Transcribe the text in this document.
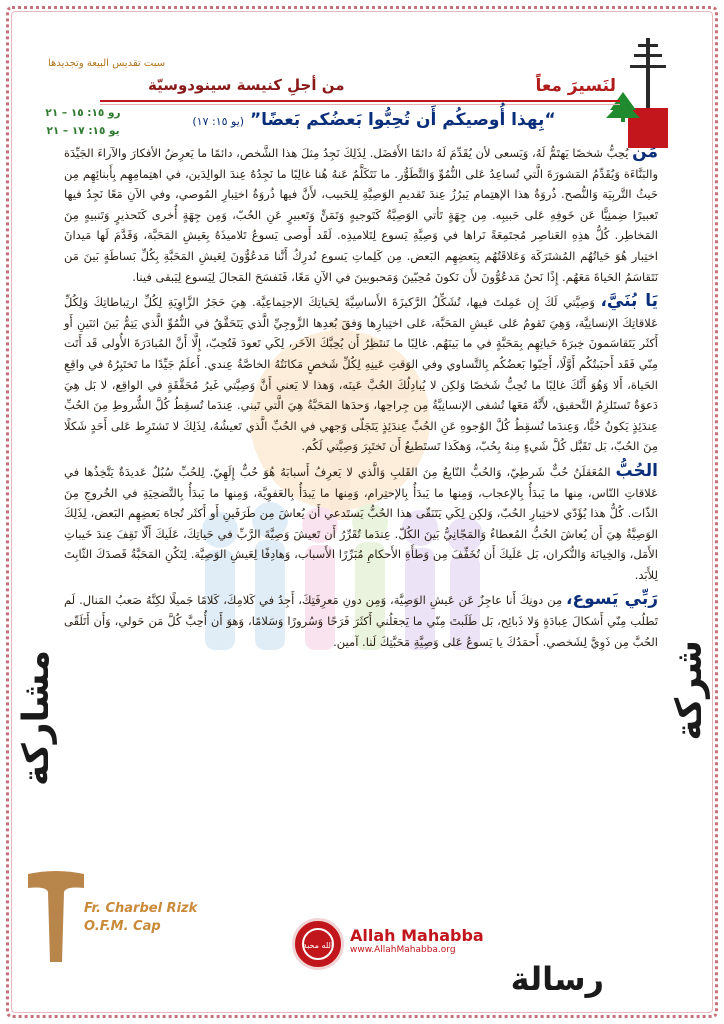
لنَسيرَ معاً
من أجلِ كنيسة سينودوسيّة
سبت تقديس البيعة وتجديدها
رو ١٥: ١٥ – ٢١
يو ١٥: ١٧ – ٢١
“بِهذا أُوصيكُم أَن تُحِبُّوا بَعضُكم بَعضًا” (يو ١٥: ١٧)

مَن يُحِبُّ شخصًا يَهتَمُّ لَهُ، وَيَسعى لأن يُقَدِّمَ لَهُ دائمًا الأَفضَل. لِذَلِكَ نَجِدُ مِثلَ هذا الشَّخص، دائمًا ما يَعرِضُ الأفكارَ والآراءَ الجَيِّدَة والبَنَّاءَة وَيُقَدِّمُ المَشورَةَ الَّتي تُساعِدُ عَلى النُّمُوِّ وَالتَّطَوُّر. ما نَتَكَلَّمُ عَنهُ هُنا غالِبًا ما نَجِدُهُ عِندَ الوالِدَين، في اهتِمامِهِم بِأَبنائِهِم مِن حَيثُ التَّربِيَة وَالنُّصح. ذُروَةُ هذا الإهتِمام يَبرُزُ عِندَ تَقديمِ الوَصِيَّةِ لِلحَبيب، لأَنَّ فيها ذُروَةُ اختِبارِ المُوصي، وفي الآنِ مَعًا نَجِدُ فيها تَعبيرًا ضِمنِيًّا عَن خَوفِهِ عَلى حَبيبِه. مِن جِهَةٍ تَأتي الوَصِيَّةُ كَتَوجيهٍ وَتَمَنٍّ وَتَعبيرٍ عَنِ الحُبّ، وَمِن جِهَةٍ أُخرى كَتَحذيرٍ وَتَنبيهٍ مِنَ المَخاطِر. كُلُّ هذِهِ العَناصِر مُجتَمِعَةً نَراها في وَصِيَّةِ يَسوع لِتَلاميذِه. لَقَد أَوصى يَسوعُ تَلاميذَهُ بِعَيشِ المَحَبَّة، وَقَدَّمَ لَها مَيدانَ اختِبار هُوَ حَياتُهُم المُشتَرَكَة وَعَلاقَتُهُم بِبَعضِهِم البَعض. مِن كَلِماتِ يَسوع نُدرِكُ أَنَّنا مَدعُوُّونَ لِعَيشِ المَحَبَّةِ بِكُلِّ بَساطَةٍ بَينَ مَن نَتَقاسَمُ الحَياةَ مَعَهُم. إِذًا نَحنُ مَدعُوُّونَ لأَن نَكونَ مُحِبّينَ وَمَحبوبينَ في الآنِ مَعًا، فَنَفسَحَ المَجالَ لِيَسوع لِيَبقى فينا.

يَا بُنَيَّ، وَصِيَّتي لَكَ إِن عَمِلتَ فيها، تُشَكِّلُ الرَّكيزَةَ الأَساسِيَّةَ لِحَياتِكَ الإجتِماعِيَّة. هِيَ حَجَرُ الزَّاوِيَةِ لِكُلِّ ارتِباطاتِكَ وَلِكُلِّ عَلاقاتِكَ الإنسانِيَّة، وَهِيَ تَقومُ عَلى عَيشِ المَحَبَّة، عَلى اختِبارِها وَفقَ بُعدِها الزَّوجِيِّ الَّذي يَتَحَقَّقُ في النُّمُوِّ الَّذي يَتِمُّ بَينَ اثنَينِ أَو أَكثَر يَتَقاسَمونَ خِبرَةَ حَياتِهِم بِمَحَبَّةٍ في ما بَينَهُم. غالِبًا ما تَنتَظِرُ أَن يُحِبَّكَ الآخَر، لِكَي تَعودَ فَتُحِبّ، إِلَّا أَنَّ المُبادَرَةَ الأُولى قَد أَتَت مِنّي فَقَد أَحبَبتُكُم أَوَّلًا، أَحِبّوا بَعضُكُم بِالتَّساوي وفي الوَقتِ عَينِهِ لِكُلِّ شَخصٍ مَكانَتُهُ الخاصَّةُ عِندي. أَعلَمُ جَيِّدًا ما تَختَبِرُهُ في واقِعِ الحَياة، أَلا وَهُوَ أَنَّكَ غالِبًا ما تُحِبُّ شَخصًا وَلكِن لا يُبادِلُكَ الحُبَّ عَينَه، وَهذا لا يَعني أَنَّ وَصِيَّتي غَيرُ مُحَقَّقَةٍ في الواقِع، لا بَل هِيَ دَعوَةٌ تَستَلزِمُ التَّحقيق، لأَنَّهُ مَعَها تُشفى الإنسانِيَّةُ مِن جِراحِها، وَحدَها المَحَبَّةُ هِيَ الَّتي تَبني. عِندَما تُسقِطُ كُلَّ الشُّروطِ مِنَ الحُبِّ عِندَئِذٍ يَكونُ حُبًّا، وَعِندَما تُسقِطُ كُلَّ الوُجوهِ عَنِ الحُبِّ عِندَئِذٍ يَتَجَلّى وَجهي في الحُبِّ الَّذي تَعيشُهُ، لِذَلِكَ لا تَشتَرِط عَلى أَحَدٍ شَكلًا مِنَ الحُبّ، بَل تَقَبَّل كُلَّ شَيءٍ مِنهُ بِحُبّ، وَهكَذا تَستَطيعُ أَن تَختَبِرَ وَصِيَّتي لَكُم.

الحُبُّ المُعَقلَنُ حُبٌّ شَرطِيّ، وَالحُبُّ النّابِعُ مِنَ القَلبِ وَالَّذي لا يَعرِفُ أَسبابَهُ هُوَ حُبٌّ إِلَهِيّ. لِلحُبِّ سُبُلٌ عَديدَةٌ يَتَّخِذُها في عَلاقاتِ النّاس، مِنها ما يَبدَأُ بِالإعجاب، وَمِنها ما يَبدَأُ بِالإحتِرام، وَمِنها ما يَبدَأُ بِالعَفوِيَّة، وَمِنها ما يَبدَأُ بِالتَّضحِيَةِ في الخُروجِ مِنَ الذّات. كُلُّ هذا يُؤَدّي لاختِبارِ الحُبّ، وَلكِن لِكَي يَتَنَقّى هذا الحُبُّ يَستَدعي أَن يُعاشَ مِن طَرَفَينِ أَو أَكثَر تُجاهَ بَعضِهِم البَعض، لِذَلِكَ الوَصِيَّةُ هِيَ أَن يُعاشَ الحُبُّ المُعطاءُ وَالمَجّانِيُّ بَينَ الكُلّ. عِندَما تُقَرِّرُ أَن تَعيشَ وَصِيَّةَ الرَّبِّ في حَياتِكَ، عَلَيكَ أَلّا تَقِفَ عِندَ خَيباتِ الأَمَل، وَالخِيانَة وَالنُّكران، بَل عَلَيكَ أَن تُخَفِّفَ مِن وَطأَةِ الأَحكامِ مُبَرِّرًا الأَسباب، وَهادِفًا لِعَيشِ الوَصِيَّة. لِتَكُنِ المَحَبَّةُ قَصدَكَ الثّابِتَ لِلأَبَد.

رَبِّي يَسوع، مِن دونِكَ أَنا عاجِزٌ عَن عَيشِ الوَصِيَّة، وَمِن دونِ مَعرِفَتِكَ، أَجِدُ في كَلامِكَ، كَلامًا جَميلًا لكِنَّهُ صَعبُ المَنال. لَم تَطلُب مِنّي أَشكالَ عِبادَةٍ وَلا ذَبائِح، بَل طَلَبتَ مِنّي ما يَجعَلُني أَكثَرَ فَرَحًا وَسُرورًا وَسَلامًا، وَهوَ أَن أُحِبَّ كُلَّ مَن حَولي، وَأَن أَتَلَقّى الحُبَّ مِن ذَوِيَّ لِشَخصي. أَحمَدُكَ يا يَسوعُ عَلى وَصِيَّةِ مَحَبَّتِكَ لَنا. آمين. شركة
مشاركة
رسالة
Fr. Charbel Rizk
O.F.M. Cap
الله محبة
Allah Mahabba
www.AllahMahabba.org
